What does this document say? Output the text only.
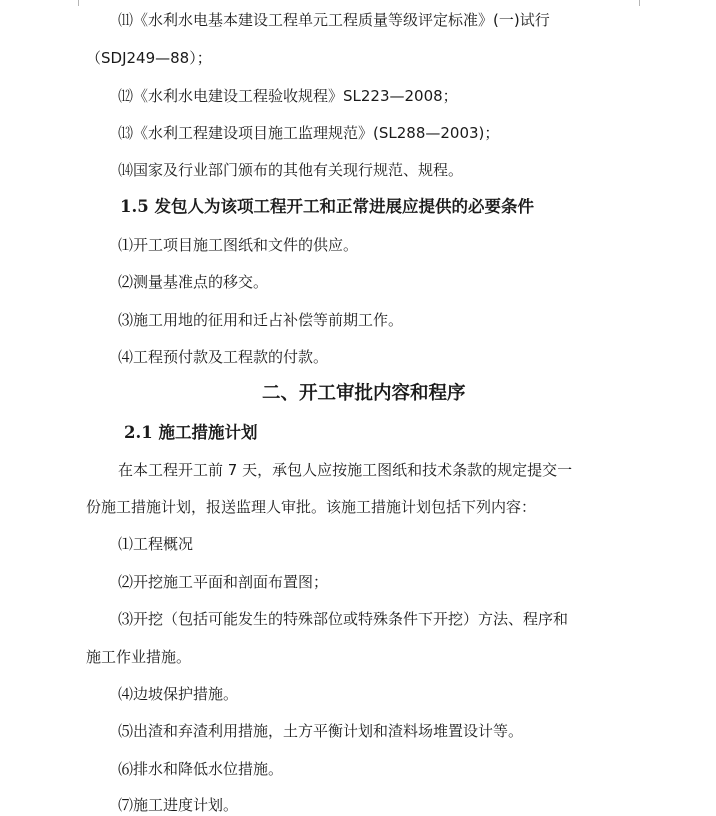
⑾《水利水电基本建设工程单元工程质量等级评定标准》(一)试行
（SDJ249—88）；
⑿《水利水电建设工程验收规程》SL223—2008；
⒀《水利工程建设项目施工监理规范》(SL288—2003)；
⒁国家及行业部门颁布的其他有关现行规范、规程。
1.5 发包人为该项工程开工和正常进展应提供的必要条件
⑴开工项目施工图纸和文件的供应。
⑵测量基准点的移交。
⑶施工用地的征用和迁占补偿等前期工作。
⑷工程预付款及工程款的付款。
二、开工审批内容和程序
2.1 施工措施计划
在本工程开工前 7 天，承包人应按施工图纸和技术条款的规定提交一
份施工措施计划，报送监理人审批。该施工措施计划包括下列内容：
⑴工程概况
⑵开挖施工平面和剖面布置图；
⑶开挖（包括可能发生的特殊部位或特殊条件下开挖）方法、程序和
施工作业措施。
⑷边坡保护措施。
⑸出渣和弃渣利用措施，土方平衡计划和渣料场堆置设计等。
⑹排水和降低水位措施。
⑺施工进度计划。
